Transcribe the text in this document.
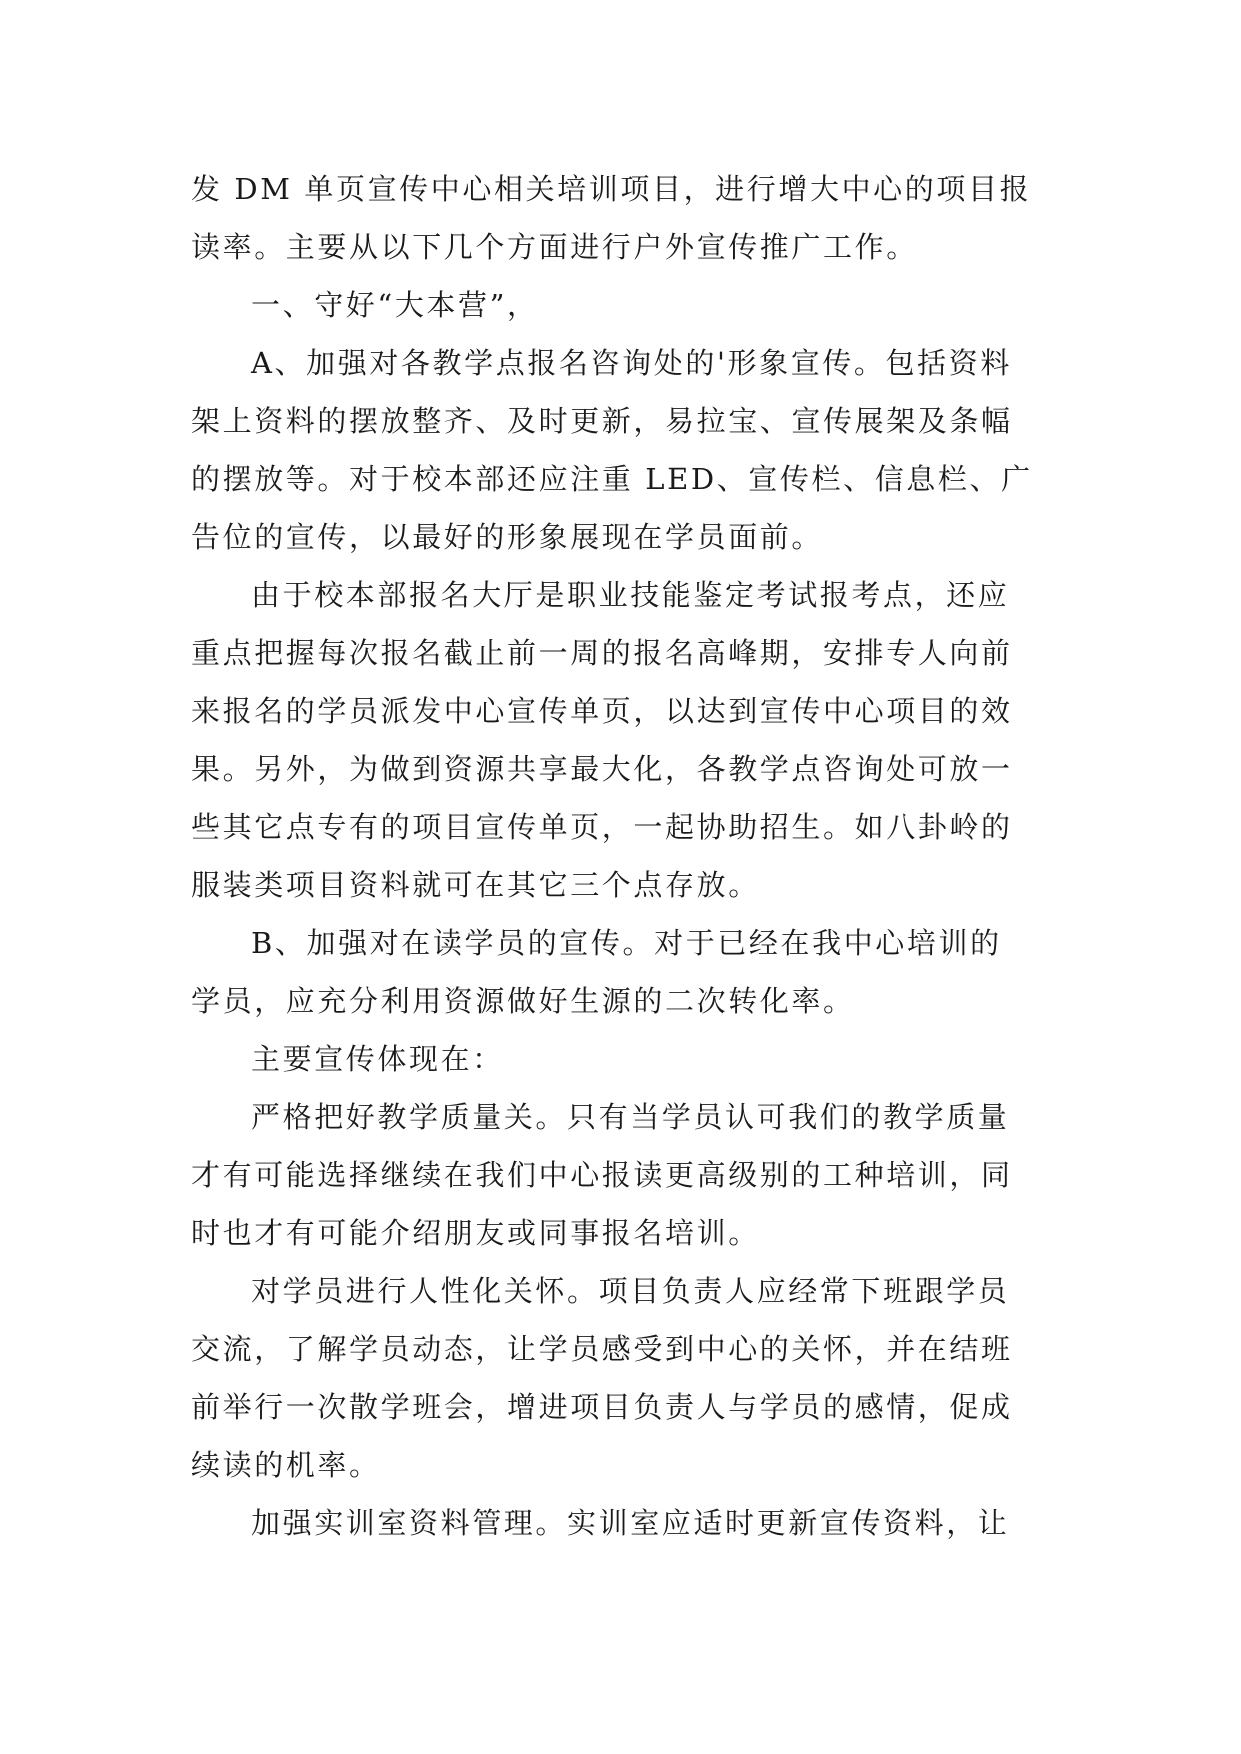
发 DM 单页宣传中心相关培训项目，进行增大中心的项目报
读率。主要从以下几个方面进行户外宣传推广工作。
一、守好“大本营”，
A、加强对各教学点报名咨询处的'形象宣传。包括资料
架上资料的摆放整齐、及时更新，易拉宝、宣传展架及条幅
的摆放等。对于校本部还应注重 LED、宣传栏、信息栏、广
告位的宣传，以最好的形象展现在学员面前。
由于校本部报名大厅是职业技能鉴定考试报考点，还应
重点把握每次报名截止前一周的报名高峰期，安排专人向前
来报名的学员派发中心宣传单页，以达到宣传中心项目的效
果。另外，为做到资源共享最大化，各教学点咨询处可放一
些其它点专有的项目宣传单页，一起协助招生。如八卦岭的
服装类项目资料就可在其它三个点存放。
B、加强对在读学员的宣传。对于已经在我中心培训的
学员，应充分利用资源做好生源的二次转化率。
主要宣传体现在：
严格把好教学质量关。只有当学员认可我们的教学质量
才有可能选择继续在我们中心报读更高级别的工种培训，同
时也才有可能介绍朋友或同事报名培训。
对学员进行人性化关怀。项目负责人应经常下班跟学员
交流，了解学员动态，让学员感受到中心的关怀，并在结班
前举行一次散学班会，增进项目负责人与学员的感情，促成
续读的机率。
加强实训室资料管理。实训室应适时更新宣传资料，让
